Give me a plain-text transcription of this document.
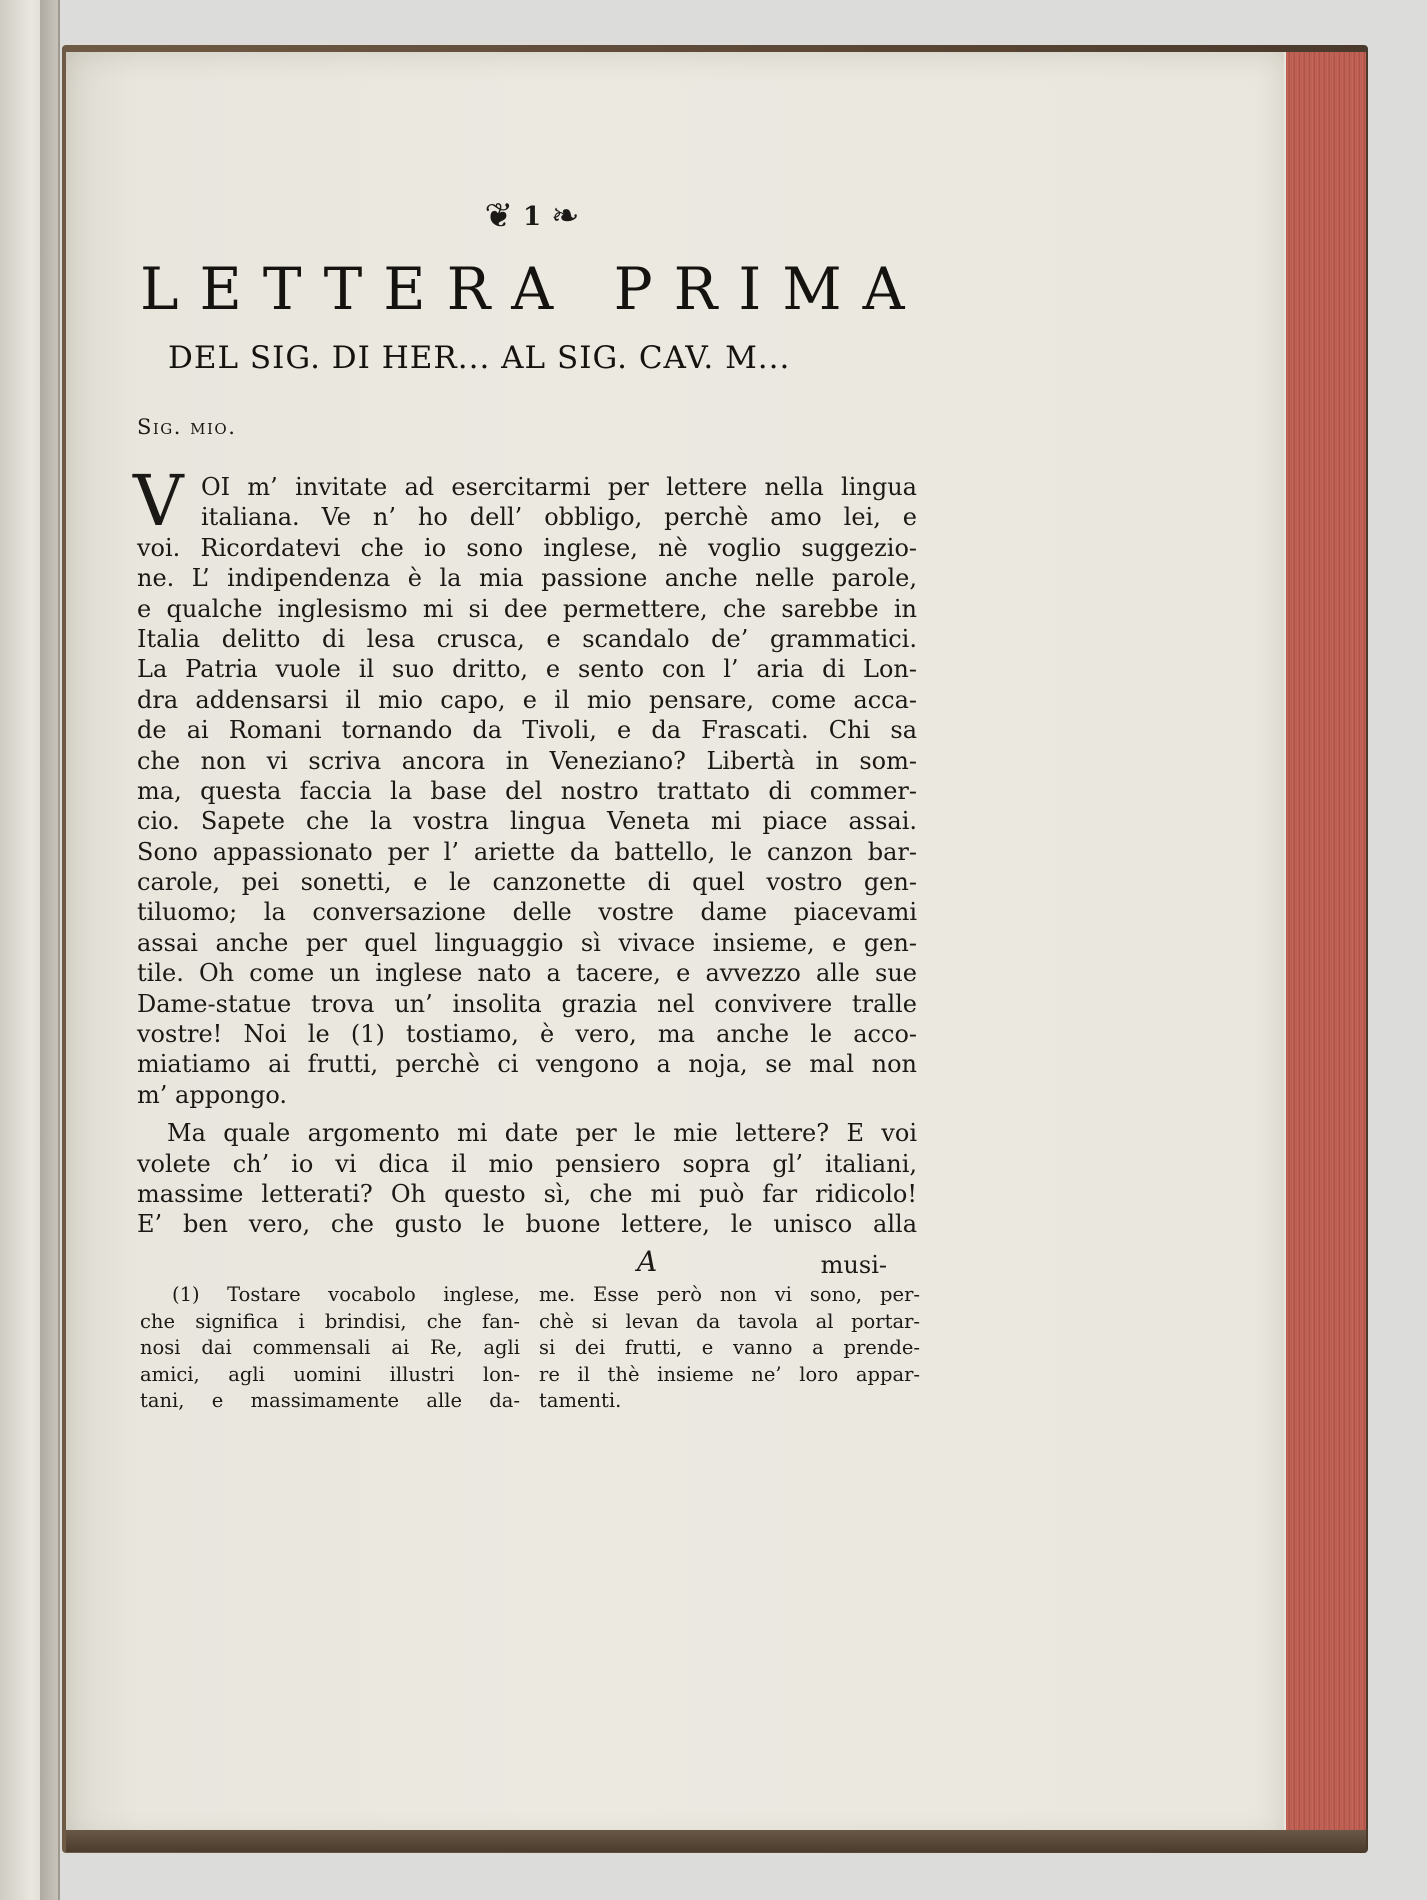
❦ 1 ❧
LETTERA PRIMA
DEL SIG. DI HER... AL SIG. CAV. M...
Sig. mio.
V OI m’ invitate ad esercitarmi per lettere nella lingua
italiana. Ve n’ ho dell’ obbligo, perchè amo lei, e
voi. Ricordatevi che io sono inglese, nè voglio suggezio-
ne. L’ indipendenza è la mia passione anche nelle parole,
e qualche inglesismo mi si dee permettere, che sarebbe in
Italia delitto di lesa crusca, e scandalo de’ grammatici.
La Patria vuole il suo dritto, e sento con l’ aria di Lon-
dra addensarsi il mio capo, e il mio pensare, come acca-
de ai Romani tornando da Tivoli, e da Frascati. Chi sa
che non vi scriva ancora in Veneziano? Libertà in som-
ma, questa faccia la base del nostro trattato di commer-
cio. Sapete che la vostra lingua Veneta mi piace assai.
Sono appassionato per l’ ariette da battello, le canzon bar-
carole, pei sonetti, e le canzonette di quel vostro gen-
tiluomo; la conversazione delle vostre dame piacevami
assai anche per quel linguaggio sì vivace insieme, e gen-
tile. Oh come un inglese nato a tacere, e avvezzo alle sue
Dame-statue trova un’ insolita grazia nel convivere tralle
vostre! Noi le (1) tostiamo, è vero, ma anche le acco-
miatiamo ai frutti, perchè ci vengono a noja, se mal non
m’ appongo.
Ma quale argomento mi date per le mie lettere? E voi
volete ch’ io vi dica il mio pensiero sopra gl’ italiani,
massime letterati? Oh questo sì, che mi può far ridicolo!
E’ ben vero, che gusto le buone lettere, le unisco alla
A	musi-
(1) Tostare vocabolo inglese,
che significa i brindisi, che fan-
nosi dai commensali ai Re, agli
amici, agli uomini illustri lon-
tani, e massimamente alle da-
me. Esse però non vi sono, per-
chè si levan da tavola al portar-
si dei frutti, e vanno a prende-
re il thè insieme ne’ loro appar-
tamenti.
